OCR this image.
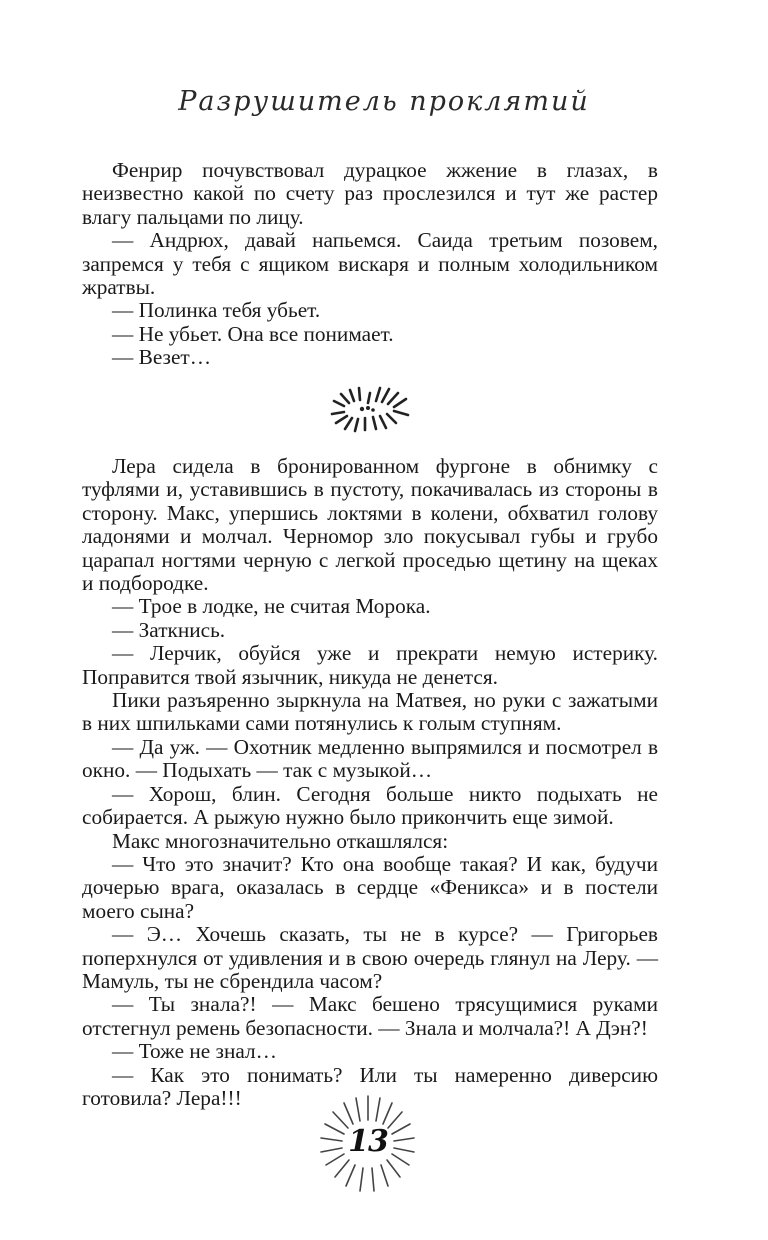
Разрушитель проклятий

Фенрир почувствовал дурацкое жжение в глазах, в неизвестно какой по счету раз прослезился и тут же растер влагу пальцами по лицу.

— Андрюх, давай напьемся. Саида третьим позовем, запремся у тебя с ящиком вискаря и полным холодильником жратвы.

— Полинка тебя убьет.

— Не убьет. Она все понимает.

— Везет…

Лера сидела в бронированном фургоне в обнимку с туфлями и, уставившись в пустоту, покачивалась из стороны в сторону. Макс, упершись локтями в колени, обхватил голову ладонями и молчал. Черномор зло покусывал губы и грубо царапал ногтями черную с легкой проседью щетину на щеках и подбородке.

— Трое в лодке, не считая Морока.

— Заткнись.

— Лерчик, обуйся уже и прекрати немую истерику. Поправится твой язычник, никуда не денется.

Пики разъяренно зыркнула на Матвея, но руки с зажатыми в них шпильками сами потянулись к голым ступням.

— Да уж. — Охотник медленно выпрямился и посмотрел в окно. — Подыхать — так с музыкой…

— Хорош, блин. Сегодня больше никто подыхать не собирается. А рыжую нужно было прикончить еще зимой.

Макс многозначительно откашлялся:

— Что это значит? Кто она вообще такая? И как, будучи дочерью врага, оказалась в сердце «Феникса» и в постели моего сына?

— Э… Хочешь сказать, ты не в курсе? — Григорьев поперхнулся от удивления и в свою очередь глянул на Леру. — Мамуль, ты не сбрендила часом?

— Ты знала?! — Макс бешено трясущимися руками отстегнул ремень безопасности. — Знала и молчала?! А Дэн?!

— Тоже не знал…

— Как это понимать? Или ты намеренно диверсию готовила? Лера!!!

13
